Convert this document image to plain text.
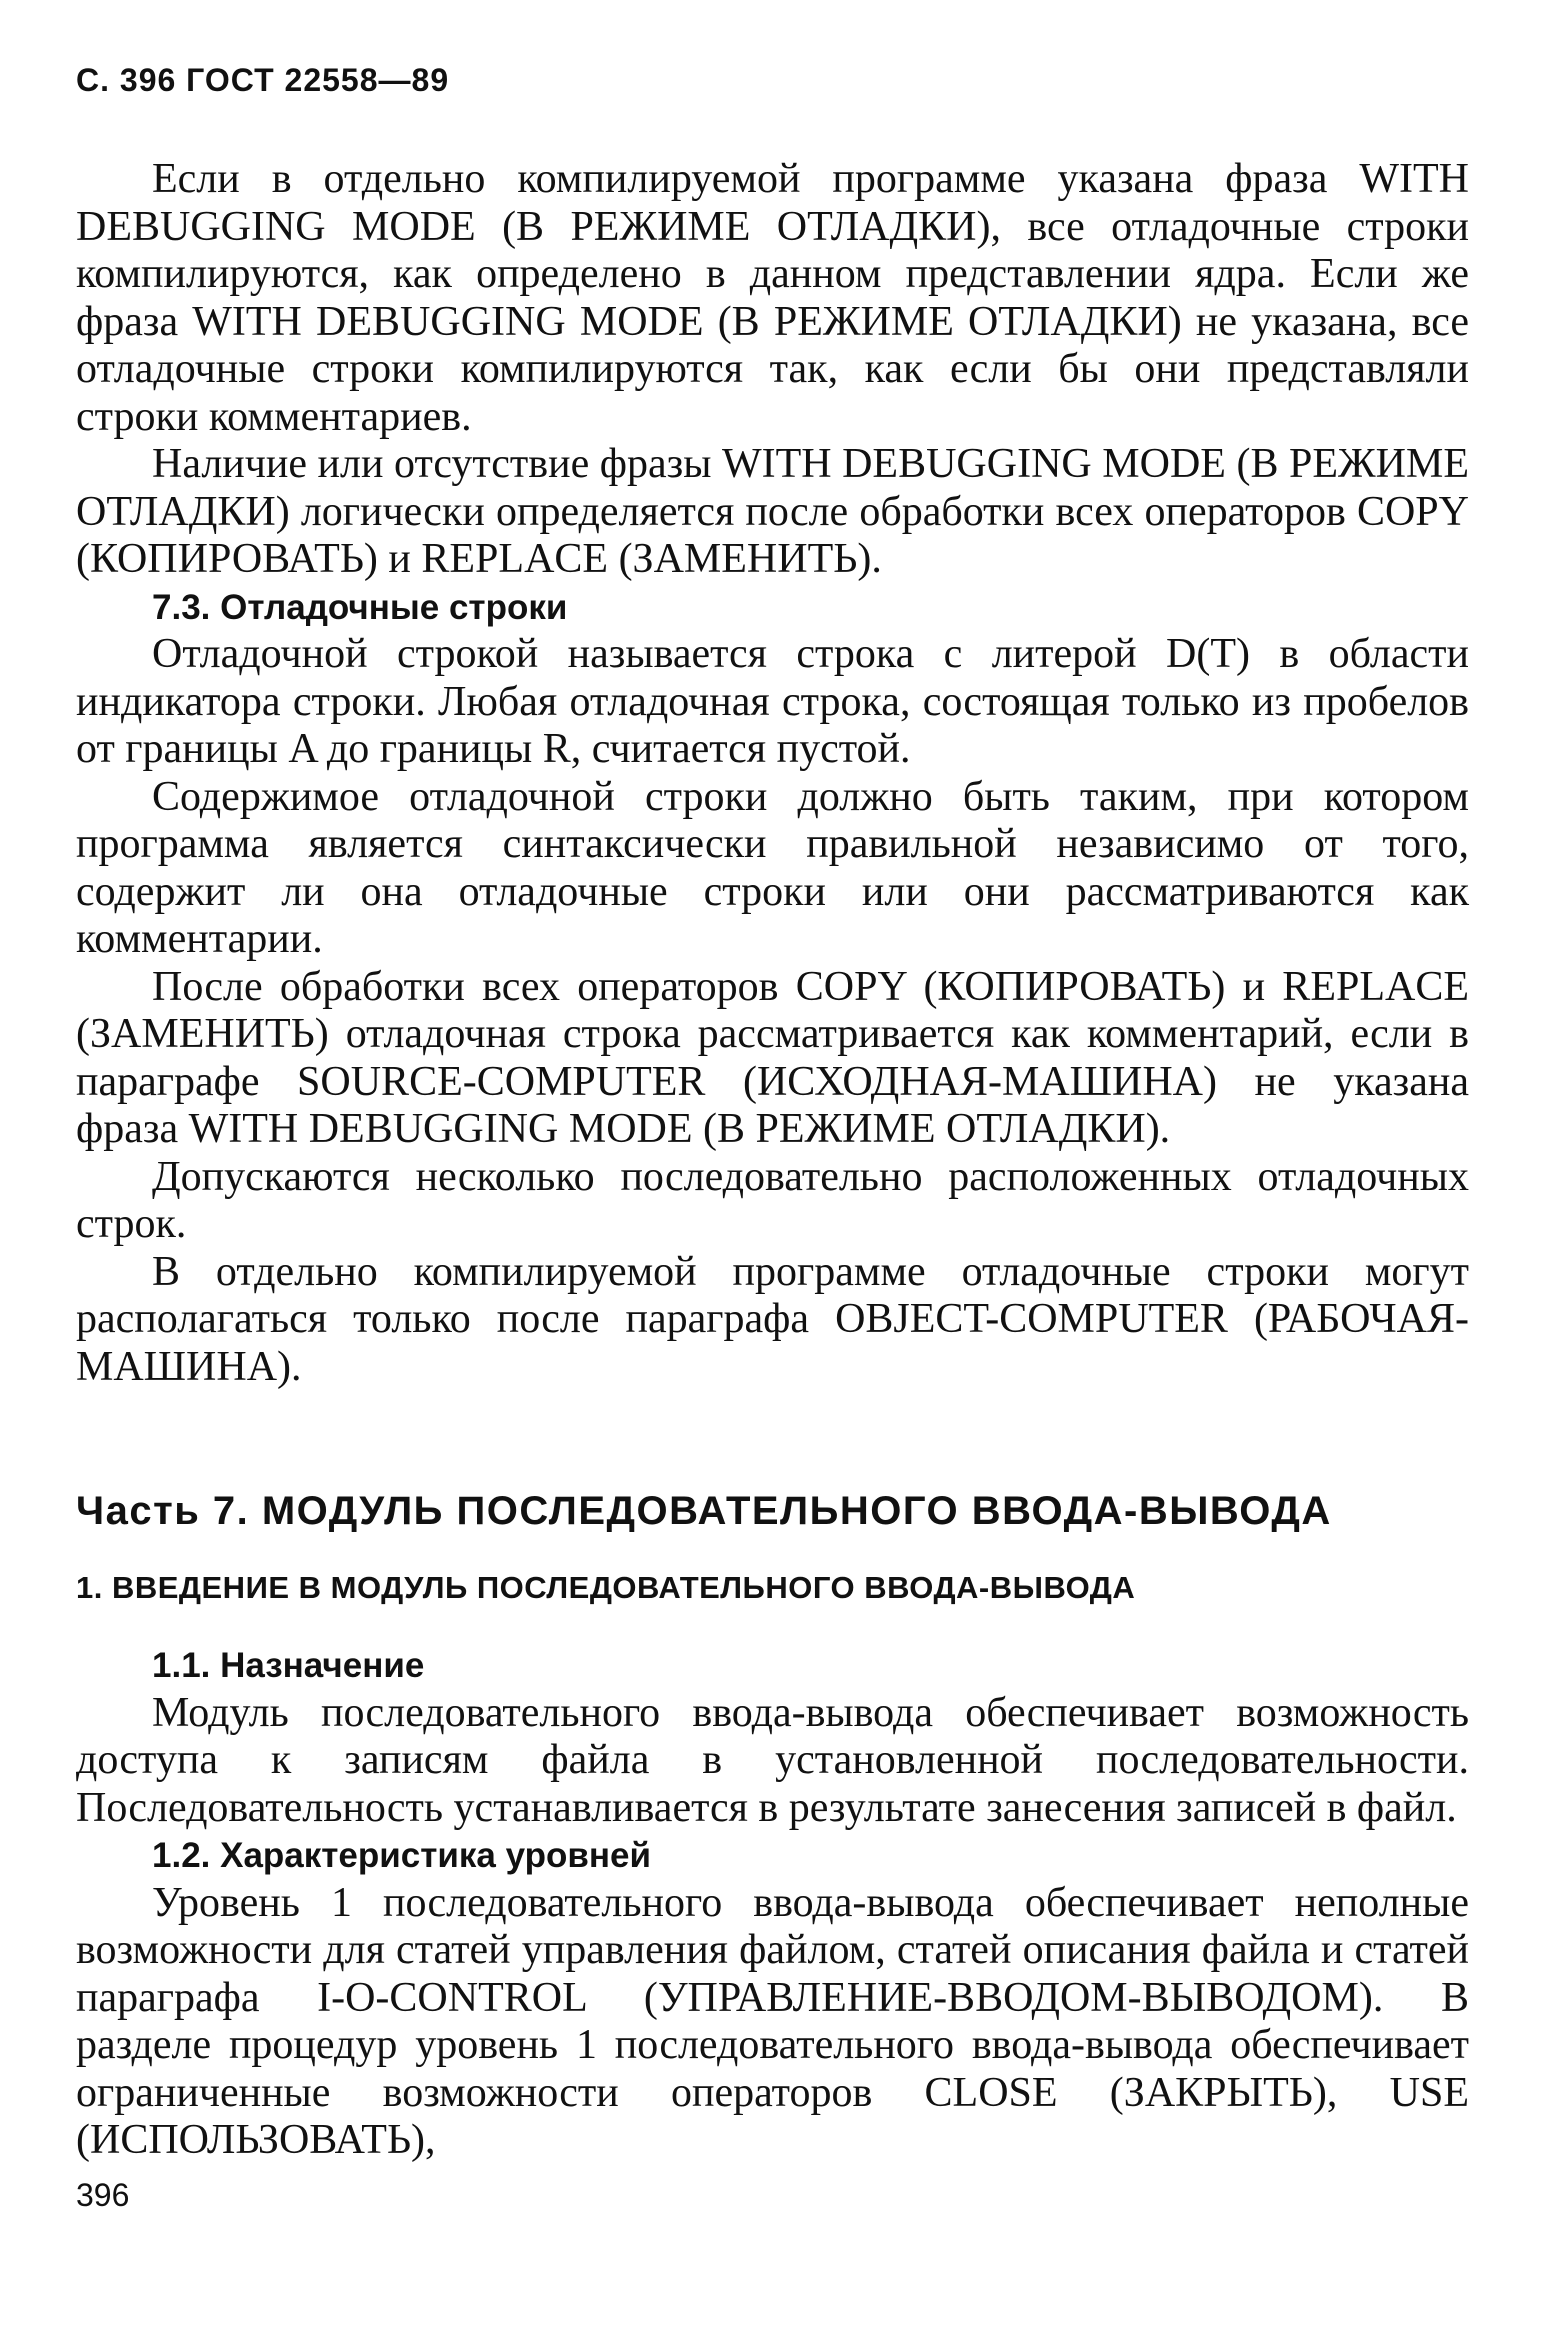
С. 396 ГОСТ 22558—89

Если в отдельно компилируемой программе указана фраза WITH DEBUGGING MODE (В РЕЖИМЕ ОТЛАДКИ), все отладочные строки компилируются, как определено в данном представлении ядра. Если же фраза WITH DEBUGGING MODE (В РЕЖИМЕ ОТЛАДКИ) не указана, все отладочные строки компилируются так, как если бы они представляли строки комментариев.

Наличие или отсутствие фразы WITH DEBUGGING MODE (В РЕЖИМЕ ОТЛАДКИ) логически определяется после обработки всех операторов COPY (КОПИРОВАТЬ) и REPLACE (ЗАМЕНИТЬ).

7.3. Отладочные строки

Отладочной строкой называется строка с литерой D(T) в области индикатора строки. Любая отладочная строка, состоящая только из пробелов от границы A до границы R, считается пустой.

Содержимое отладочной строки должно быть таким, при котором программа является синтаксически правильной независимо от того, содержит ли она отладочные строки или они рассматриваются как комментарии.

После обработки всех операторов COPY (КОПИРОВАТЬ) и REPLACE (ЗАМЕНИТЬ) отладочная строка рассматривается как комментарий, если в параграфе SOURCE-COMPUTER (ИСХОДНАЯ-МАШИНА) не указана фраза WITH DEBUGGING MODE (В РЕЖИМЕ ОТЛАДКИ).

Допускаются несколько последовательно расположенных отладочных строк.

В отдельно компилируемой программе отладочные строки могут располагаться только после параграфа OBJECT-COMPUTER (РАБОЧАЯ-МАШИНА).

Часть 7. МОДУЛЬ ПОСЛЕДОВАТЕЛЬНОГО ВВОДА-ВЫВОДА
1. ВВЕДЕНИЕ В МОДУЛЬ ПОСЛЕДОВАТЕЛЬНОГО ВВОДА-ВЫВОДА
1.1. Назначение

Модуль последовательного ввода-вывода обеспечивает возможность доступа к записям файла в установленной последовательности. Последовательность устанавливается в результате занесения записей в файл.

1.2. Характеристика уровней

Уровень 1 последовательного ввода-вывода обеспечивает неполные возможности для статей управления файлом, статей описания файла и статей параграфа I-O-CONTROL (УПРАВЛЕНИЕ-ВВОДОМ-ВЫВОДОМ). В разделе процедур уровень 1 последовательного ввода-вывода обеспечивает ограниченные возможности операторов CLOSE (ЗАКРЫТЬ), USE (ИСПОЛЬЗОВАТЬ),

396
